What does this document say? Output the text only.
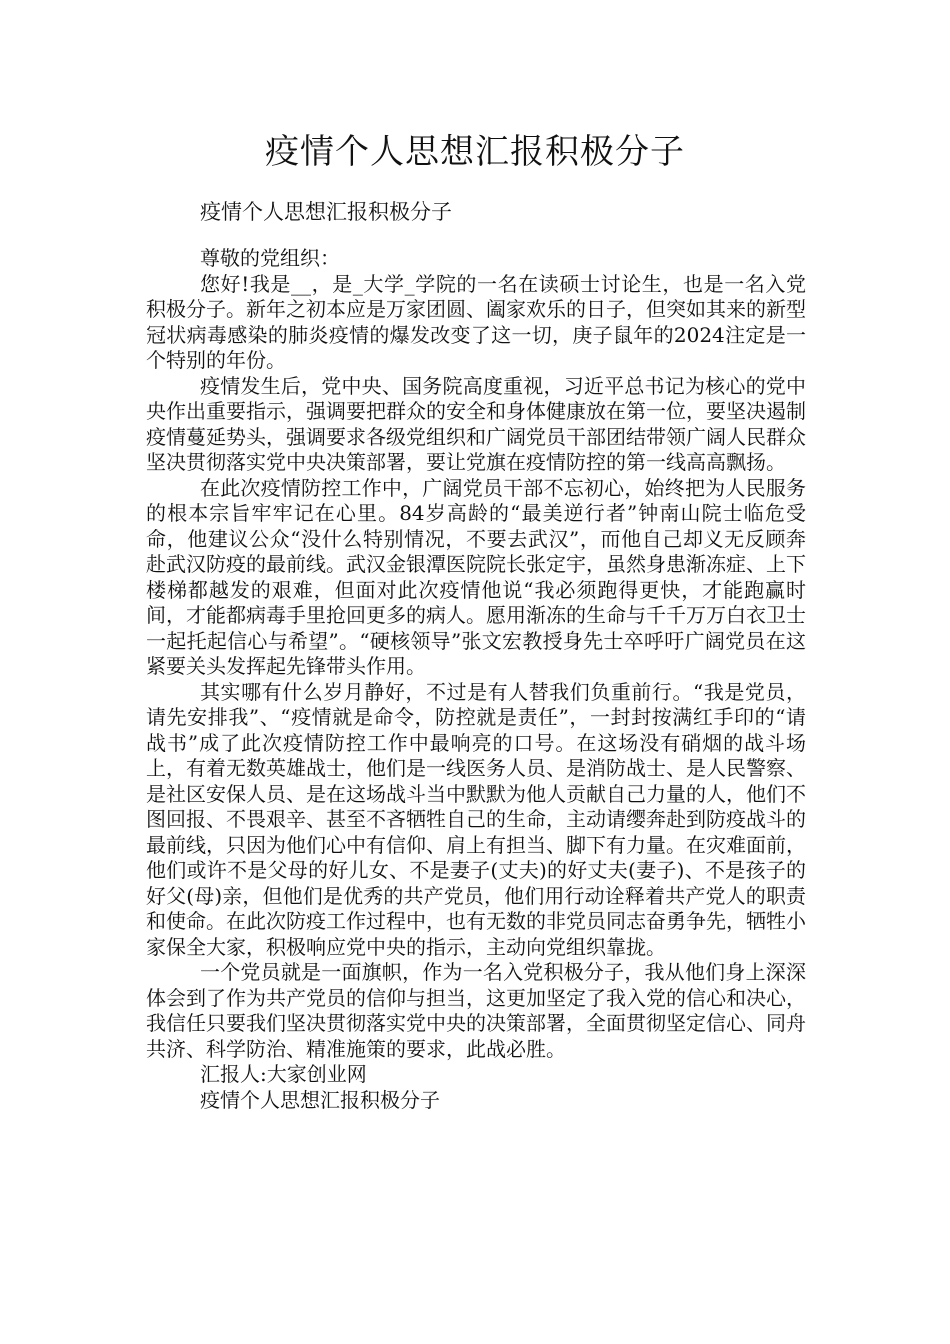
疫情个人思想汇报积极分子
疫情个人思想汇报积极分子

尊敬的党组织：

您好!我是__，是_大学_学院的一名在读硕士讨论生，也是一名入党积极分子。新年之初本应是万家团圆、阖家欢乐的日子，但突如其来的新型冠状病毒感染的肺炎疫情的爆发改变了这一切，庚子鼠年的2024注定是一个特别的年份。

疫情发生后，党中央、国务院高度重视，习近平总书记为核心的党中央作出重要指示，强调要把群众的安全和身体健康放在第一位，要坚决遏制疫情蔓延势头，强调要求各级党组织和广阔党员干部团结带领广阔人民群众坚决贯彻落实党中央决策部署，要让党旗在疫情防控的第一线高高飘扬。

在此次疫情防控工作中，广阔党员干部不忘初心，始终把为人民服务的根本宗旨牢牢记在心里。84岁高龄的“最美逆行者”钟南山院士临危受命，他建议公众“没什么特别情况，不要去武汉”，而他自己却义无反顾奔赴武汉防疫的最前线。武汉金银潭医院院长张定宇，虽然身患渐冻症、上下楼梯都越发的艰难，但面对此次疫情他说“我必须跑得更快，才能跑赢时间，才能都病毒手里抢回更多的病人。愿用渐冻的生命与千千万万白衣卫士一起托起信心与希望”。“硬核领导”张文宏教授身先士卒呼吁广阔党员在这紧要关头发挥起先锋带头作用。

其实哪有什么岁月静好，不过是有人替我们负重前行。“我是党员，请先安排我”、“疫情就是命令，防控就是责任”，一封封按满红手印的“请战书”成了此次疫情防控工作中最响亮的口号。在这场没有硝烟的战斗场上，有着无数英雄战士，他们是一线医务人员、是消防战士、是人民警察、是社区安保人员、是在这场战斗当中默默为他人贡献自己力量的人，他们不图回报、不畏艰辛、甚至不吝牺牲自己的生命，主动请缨奔赴到防疫战斗的最前线，只因为他们心中有信仰、肩上有担当、脚下有力量。在灾难面前，他们或许不是父母的好儿女、不是妻子(丈夫)的好丈夫(妻子)、不是孩子的好父(母)亲，但他们是优秀的共产党员，他们用行动诠释着共产党人的职责和使命。在此次防疫工作过程中，也有无数的非党员同志奋勇争先，牺牲小家保全大家，积极响应党中央的指示，主动向党组织靠拢。

一个党员就是一面旗帜，作为一名入党积极分子，我从他们身上深深体会到了作为共产党员的信仰与担当，这更加坚定了我入党的信心和决心，我信任只要我们坚决贯彻落实党中央的决策部署，全面贯彻坚定信心、同舟共济、科学防治、精准施策的要求，此战必胜。

汇报人:大家创业网

疫情个人思想汇报积极分子
